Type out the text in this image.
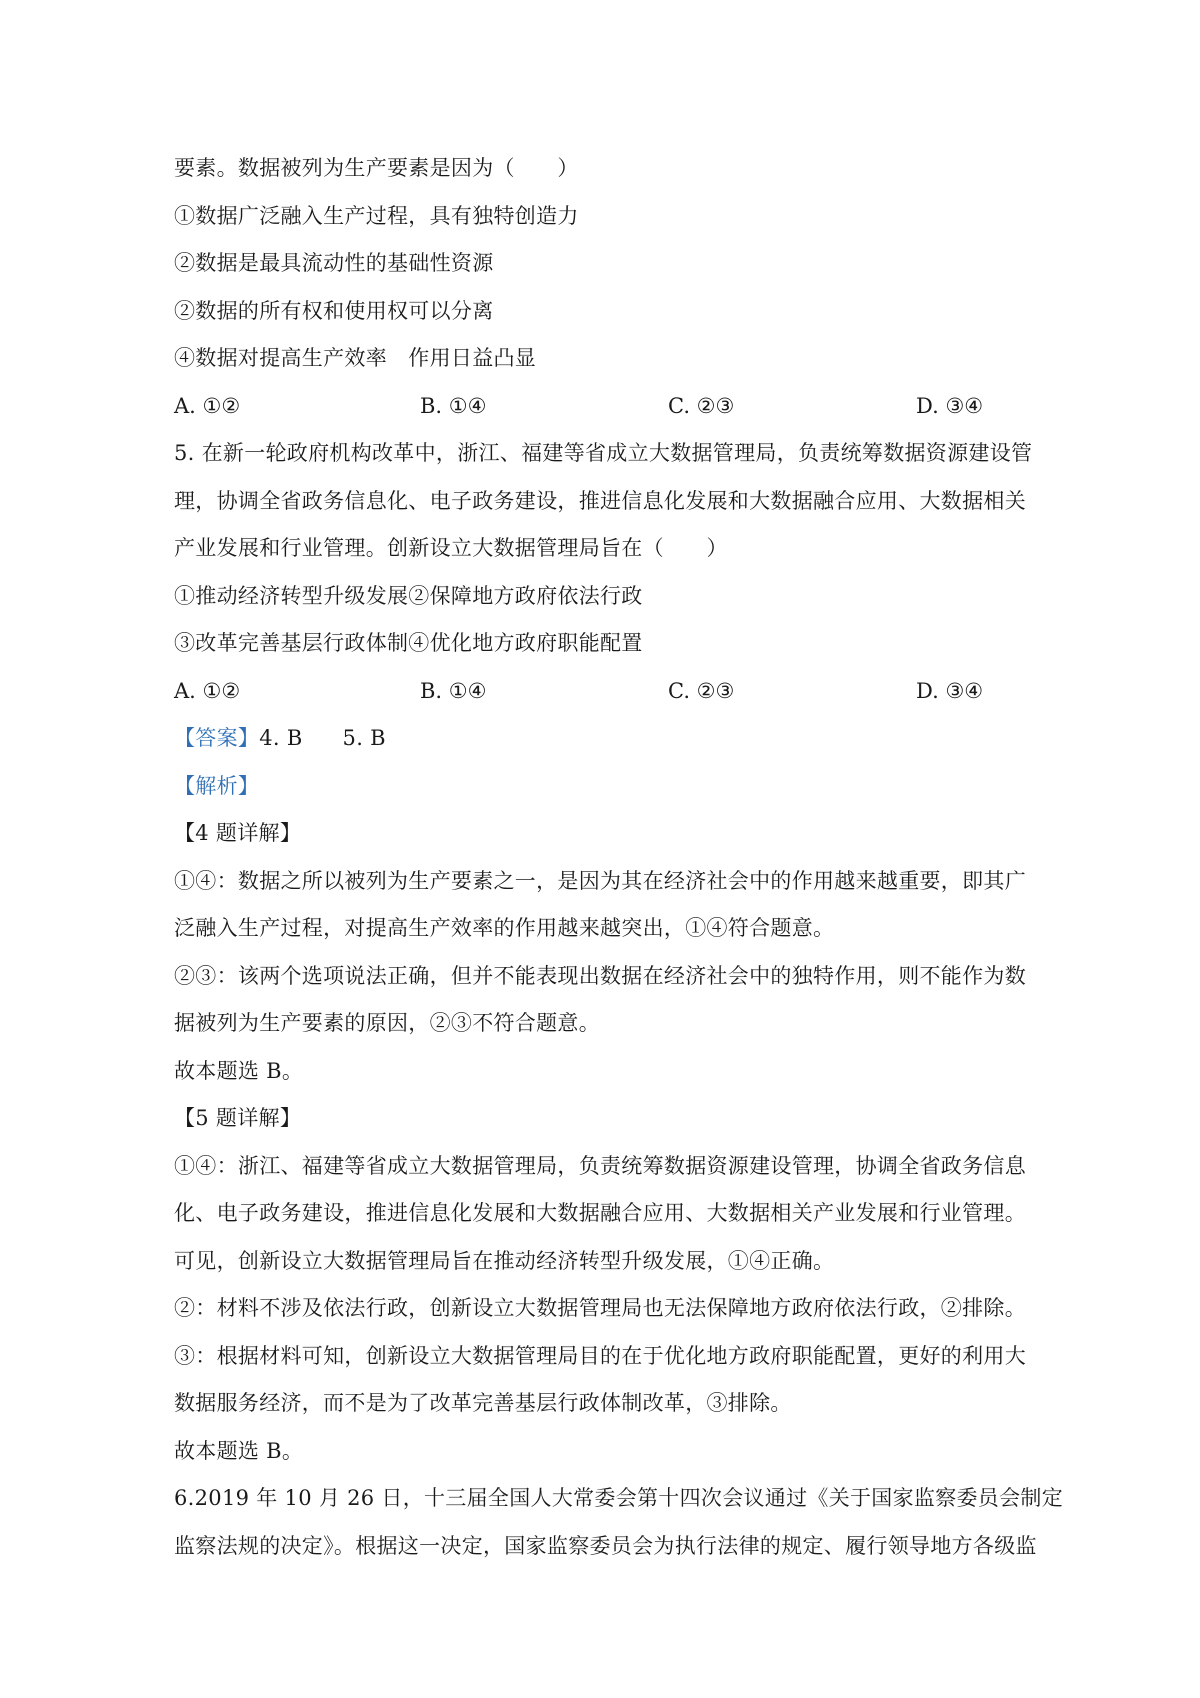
要素。数据被列为生产要素是因为（　　）
①数据广泛融入生产过程，具有独特创造力
②数据是最具流动性的基础性资源
②数据的所有权和使用权可以分离
④数据对提高生产效率　作用日益凸显
A. ①②	B. ①④	C. ②③	D. ③④
5. 在新一轮政府机构改革中，浙江、福建等省成立大数据管理局，负责统筹数据资源建设管
理，协调全省政务信息化、电子政务建设，推进信息化发展和大数据融合应用、大数据相关
产业发展和行业管理。创新设立大数据管理局旨在（　　）
①推动经济转型升级发展②保障地方政府依法行政
③改革完善基层行政体制④优化地方政府职能配置
A. ①②	B. ①④	C. ②③	D. ③④
【答案】4. B 5. B
【解析】
【4 题详解】
①④：数据之所以被列为生产要素之一，是因为其在经济社会中的作用越来越重要，即其广
泛融入生产过程，对提高生产效率的作用越来越突出，①④符合题意。
②③：该两个选项说法正确，但并不能表现出数据在经济社会中的独特作用，则不能作为数
据被列为生产要素的原因，②③不符合题意。
故本题选 B。
【5 题详解】
①④：浙江、福建等省成立大数据管理局，负责统筹数据资源建设管理，协调全省政务信息
化、电子政务建设，推进信息化发展和大数据融合应用、大数据相关产业发展和行业管理。
可见，创新设立大数据管理局旨在推动经济转型升级发展，①④正确。
②：材料不涉及依法行政，创新设立大数据管理局也无法保障地方政府依法行政，②排除。
③：根据材料可知，创新设立大数据管理局目的在于优化地方政府职能配置，更好的利用大
数据服务经济，而不是为了改革完善基层行政体制改革，③排除。
故本题选 B。
6.2019 年 10 月 26 日，十三届全国人大常委会第十四次会议通过《关于国家监察委员会制定
监察法规的决定》。根据这一决定，国家监察委员会为执行法律的规定、履行领导地方各级监
